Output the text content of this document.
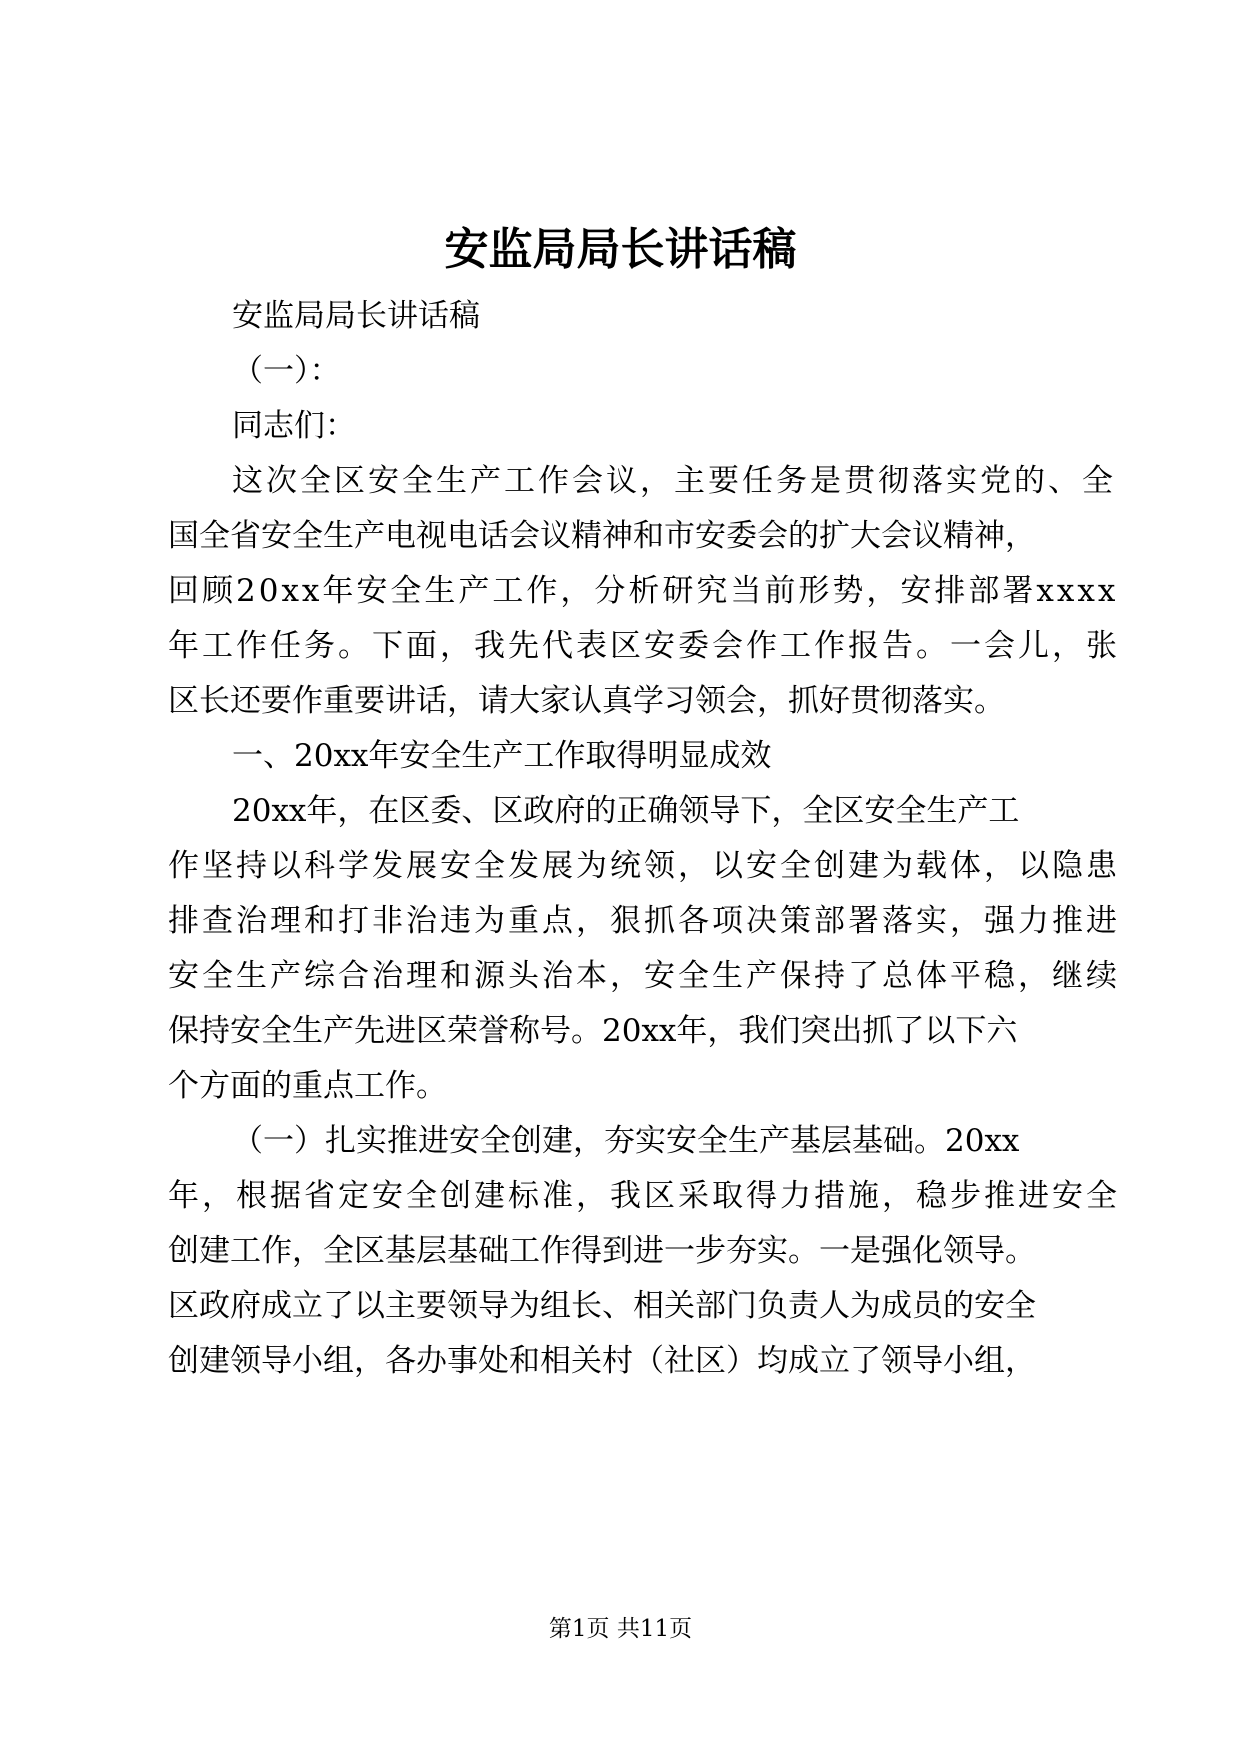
安监局局长讲话稿
安监局局长讲话稿
（一）：
同志们：
这次全区安全生产工作会议，主要任务是贯彻落实党的、全
国全省安全生产电视电话会议精神和市安委会的扩大会议精神，
回顾20xx年安全生产工作，分析研究当前形势，安排部署xxxx
年工作任务。下面，我先代表区安委会作工作报告。一会儿，张
区长还要作重要讲话，请大家认真学习领会，抓好贯彻落实。
一、20xx年安全生产工作取得明显成效
20xx年，在区委、区政府的正确领导下，全区安全生产工
作坚持以科学发展安全发展为统领，以安全创建为载体，以隐患
排查治理和打非治违为重点，狠抓各项决策部署落实，强力推进
安全生产综合治理和源头治本，安全生产保持了总体平稳，继续
保持安全生产先进区荣誉称号。20xx年，我们突出抓了以下六
个方面的重点工作。
（一）扎实推进安全创建，夯实安全生产基层基础。20xx
年，根据省定安全创建标准，我区采取得力措施，稳步推进安全
创建工作，全区基层基础工作得到进一步夯实。一是强化领导。
区政府成立了以主要领导为组长、相关部门负责人为成员的安全
创建领导小组，各办事处和相关村（社区）均成立了领导小组，
第1页 共11页
